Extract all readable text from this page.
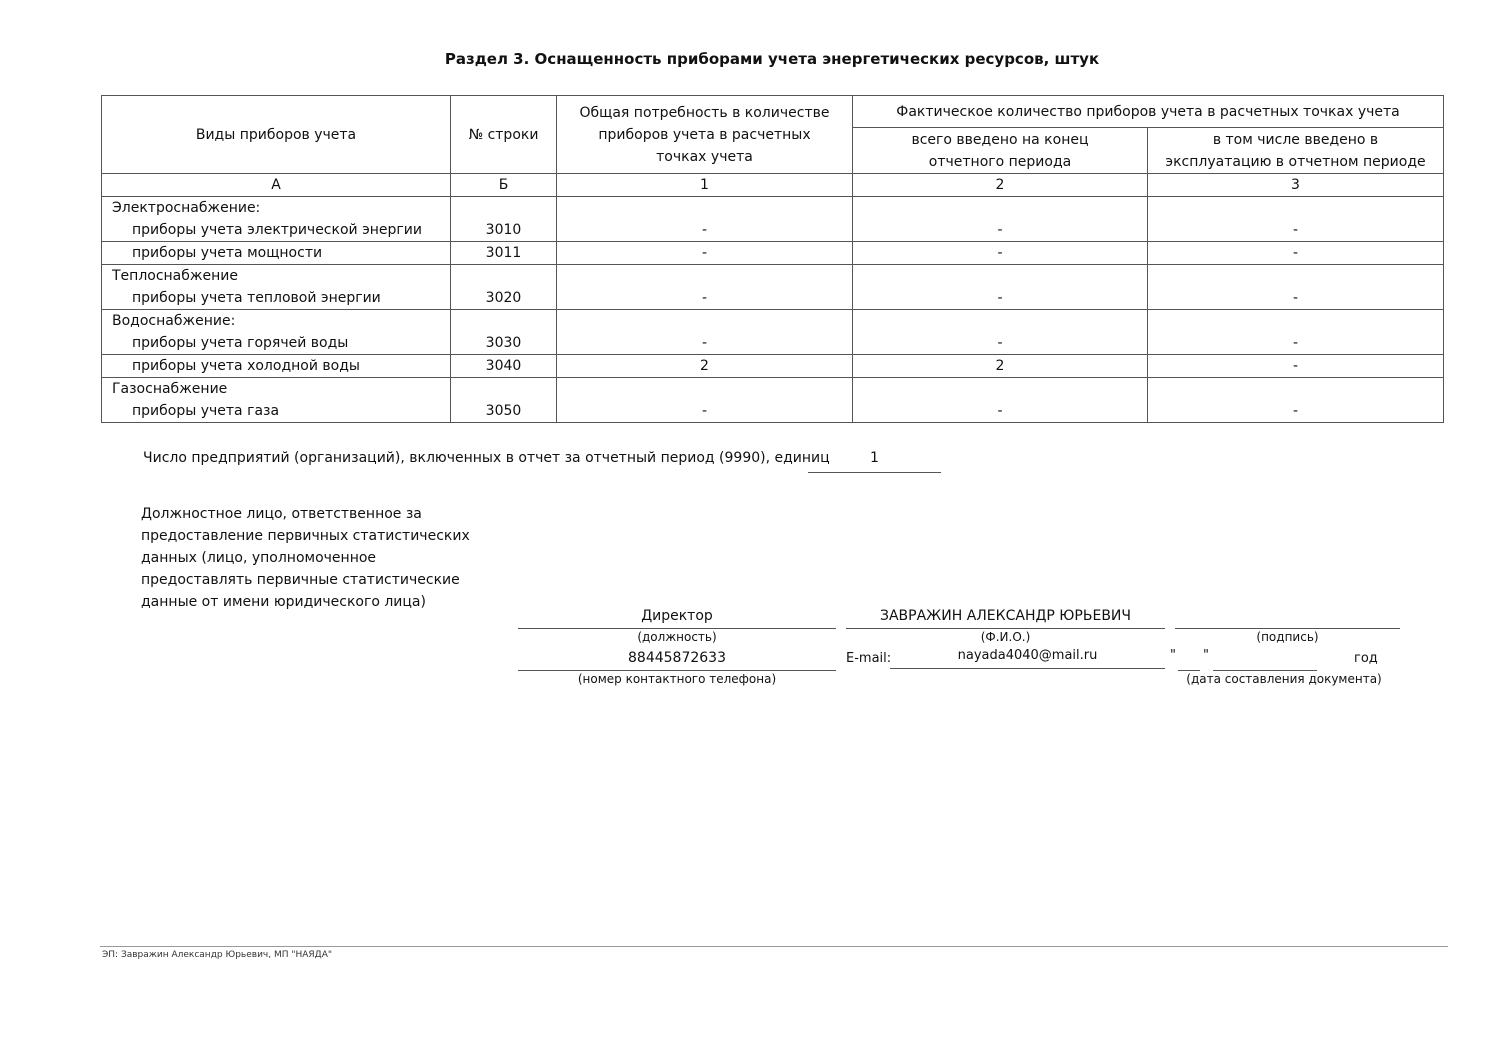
Раздел 3. Оснащенность приборами учета энергетических ресурсов, штук
Виды приборов учета	№ строки	Общая потребность в количестве приборов учета в расчетных точках учета	Фактическое количество приборов учета в расчетных точках учета	
			всего введено на конец отчетного периода	в том числе введено в эксплуатацию в отчетном периоде
А	Б	1	2	3

Электроснабжение:
приборы учета электрической энергии	3010	-	-	-
приборы учета мощности	3011	-	-	-

Теплоснабжение
приборы учета тепловой энергии	3020	-	-	-

Водоснабжение:
приборы учета горячей воды	3030	-	-	-
приборы учета холодной воды	3040	2	2	-

Газоснабжение
приборы учета газа	3050	-	-	-
Число предприятий (организаций), включенных в отчет за отчетный период (9990), единиц	1
Должностное лицо, ответственное за предоставление первичных статистических данных (лицо, уполномоченное предоставлять первичные статистические данные от имени юридического лица)
Директор
(должность)
ЗАВРАЖИН АЛЕКСАНДР ЮРЬЕВИЧ
(Ф.И.О.)	(подпись)
88445872633
(номер контактного телефона)
E-mail:	nayada4040@mail.ru	" "	год
(дата составления документа)
ЭП: Завражин Александр Юрьевич, МП "НАЯДА"
